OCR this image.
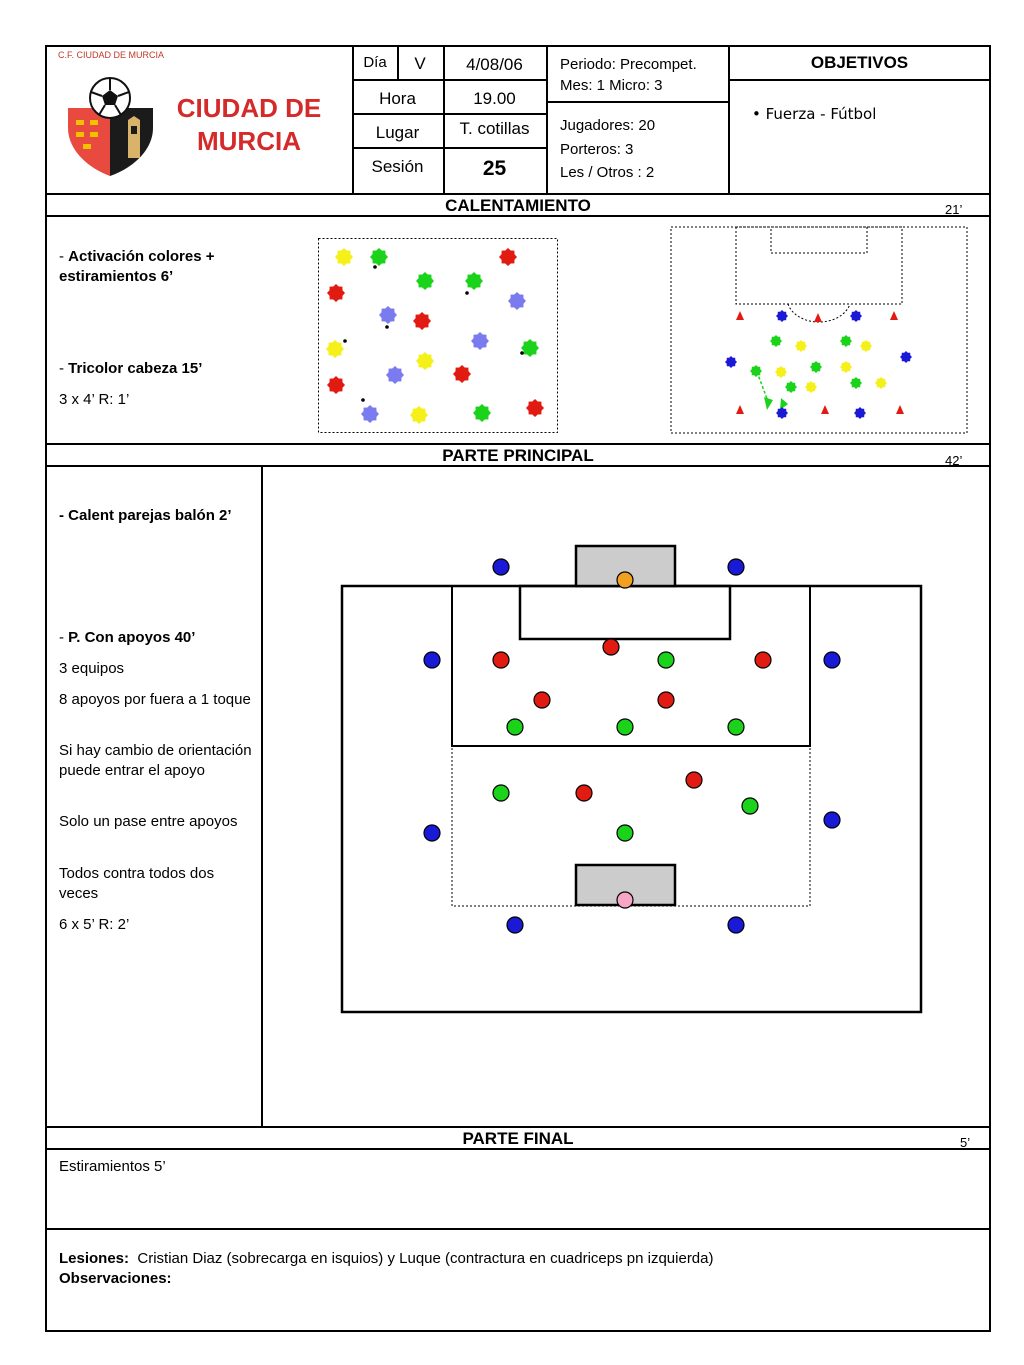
C.F. CIUDAD DE MURCIA
CIUDAD DE
MURCIA
Día	V	4/08/06
Hora	19.00
Lugar	T. cotillas
Sesión	25
Periodo: Precompet.
Mes: 1 Micro: 3
Jugadores: 20
Porteros: 3
Les / Otros : 2
OBJETIVOS
• Fuerza - Fútbol
CALENTAMIENTO	21’
- Activación colores + estiramientos 6’
- Tricolor cabeza 15’
3 x 4’ R: 1’
PARTE PRINCIPAL	42’
- Calent parejas balón 2’
- P. Con apoyos 40’
3 equipos
8 apoyos por fuera a 1 toque
Si hay cambio de orientación puede entrar el apoyo
Solo un pase entre apoyos
Todos contra todos dos veces
6 x 5’ R: 2’
PARTE FINAL	5’
Estiramientos 5’
Lesiones:  Cristian Diaz (sobrecarga en isquios) y Luque (contractura en cuadriceps pn izquierda)
Observaciones:
